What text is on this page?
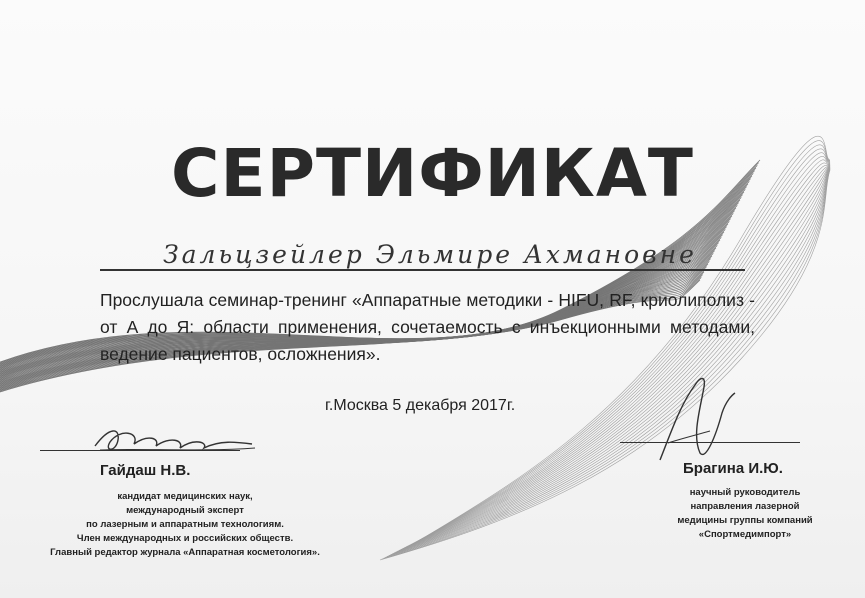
СЕРТИФИКАТ
Зальцзейлер Эльмире Ахмановне
Прослушала семинар-тренинг «Аппаратные методики - HIFU, RF, криолиполиз - от А до Я: области применения, сочетаемость с инъекционными методами, ведение пациентов, осложнения».
г.Москва 5 декабря 2017г.
Гайдаш Н.В.
кандидат медицинских наук,
международный эксперт
по лазерным и аппаратным технологиям.
Член международных и российских обществ.
Главный редактор журнала «Аппаратная косметология».
Брагина И.Ю.
научный руководитель
направления лазерной
медицины группы компаний
«Спортмедимпорт»
